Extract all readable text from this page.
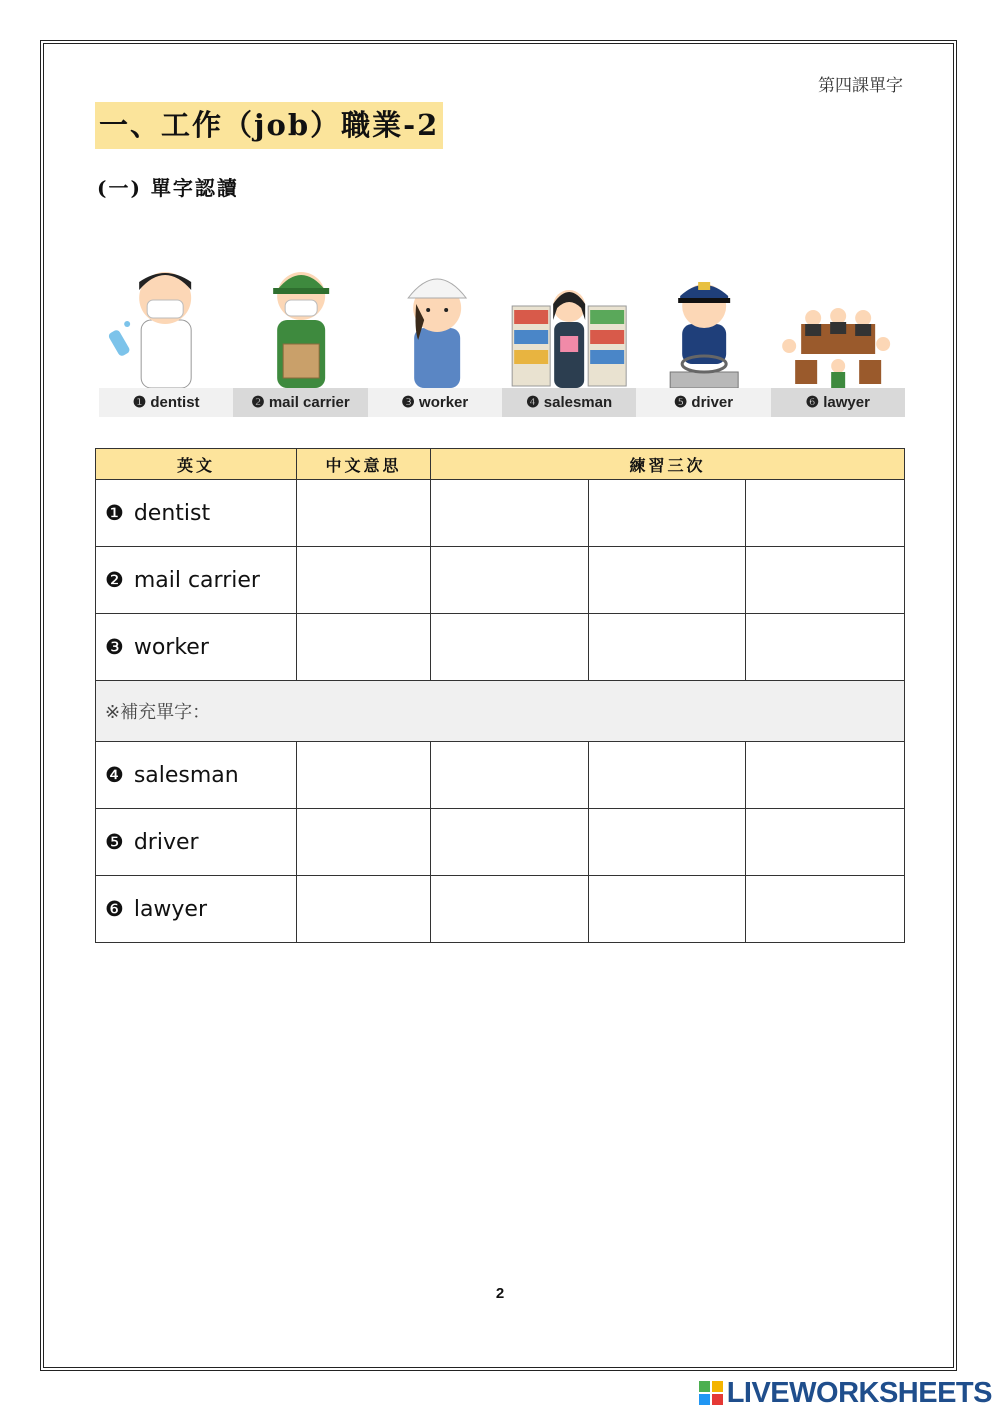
第四課單字
一、工作（job）職業-2
(一) 單字認讀
❶ dentist	❷ mail carrier	❸ worker	❹ salesman	❺ driver	❻ lawyer
英文	中文意思	練習三次		
❶ dentist				
❷ mail carrier				
❸ worker				
※補充單字：				
❹ salesman				
❺ driver				
❻ lawyer				
2
LIVEWORKSHEETS
